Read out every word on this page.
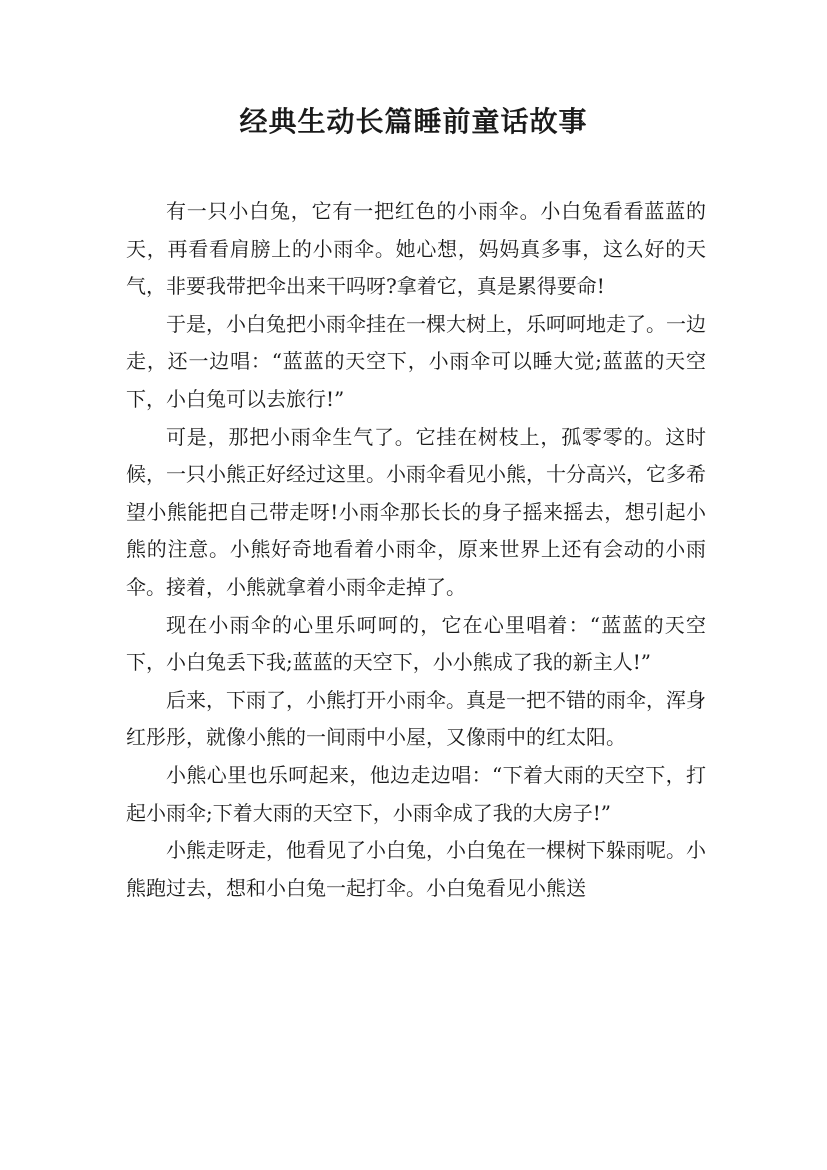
经典生动长篇睡前童话故事

有一只小白兔，它有一把红色的小雨伞。小白兔看看蓝蓝的天，再看看肩膀上的小雨伞。她心想，妈妈真多事，这么好的天气，非要我带把伞出来干吗呀?拿着它，真是累得要命!

于是，小白兔把小雨伞挂在一棵大树上，乐呵呵地走了。一边走，还一边唱：“蓝蓝的天空下，小雨伞可以睡大觉;蓝蓝的天空下，小白兔可以去旅行!”

可是，那把小雨伞生气了。它挂在树枝上，孤零零的。这时候，一只小熊正好经过这里。小雨伞看见小熊，十分高兴，它多希望小熊能把自己带走呀!小雨伞那长长的身子摇来摇去，想引起小熊的注意。小熊好奇地看着小雨伞，原来世界上还有会动的小雨伞。接着，小熊就拿着小雨伞走掉了。

现在小雨伞的心里乐呵呵的，它在心里唱着：“蓝蓝的天空下，小白兔丢下我;蓝蓝的天空下，小小熊成了我的新主人!”

后来，下雨了，小熊打开小雨伞。真是一把不错的雨伞，浑身红彤彤，就像小熊的一间雨中小屋，又像雨中的红太阳。

小熊心里也乐呵起来，他边走边唱：“下着大雨的天空下，打起小雨伞;下着大雨的天空下，小雨伞成了我的大房子!”

小熊走呀走，他看见了小白兔，小白兔在一棵树下躲雨呢。小熊跑过去，想和小白兔一起打伞。小白兔看见小熊送
